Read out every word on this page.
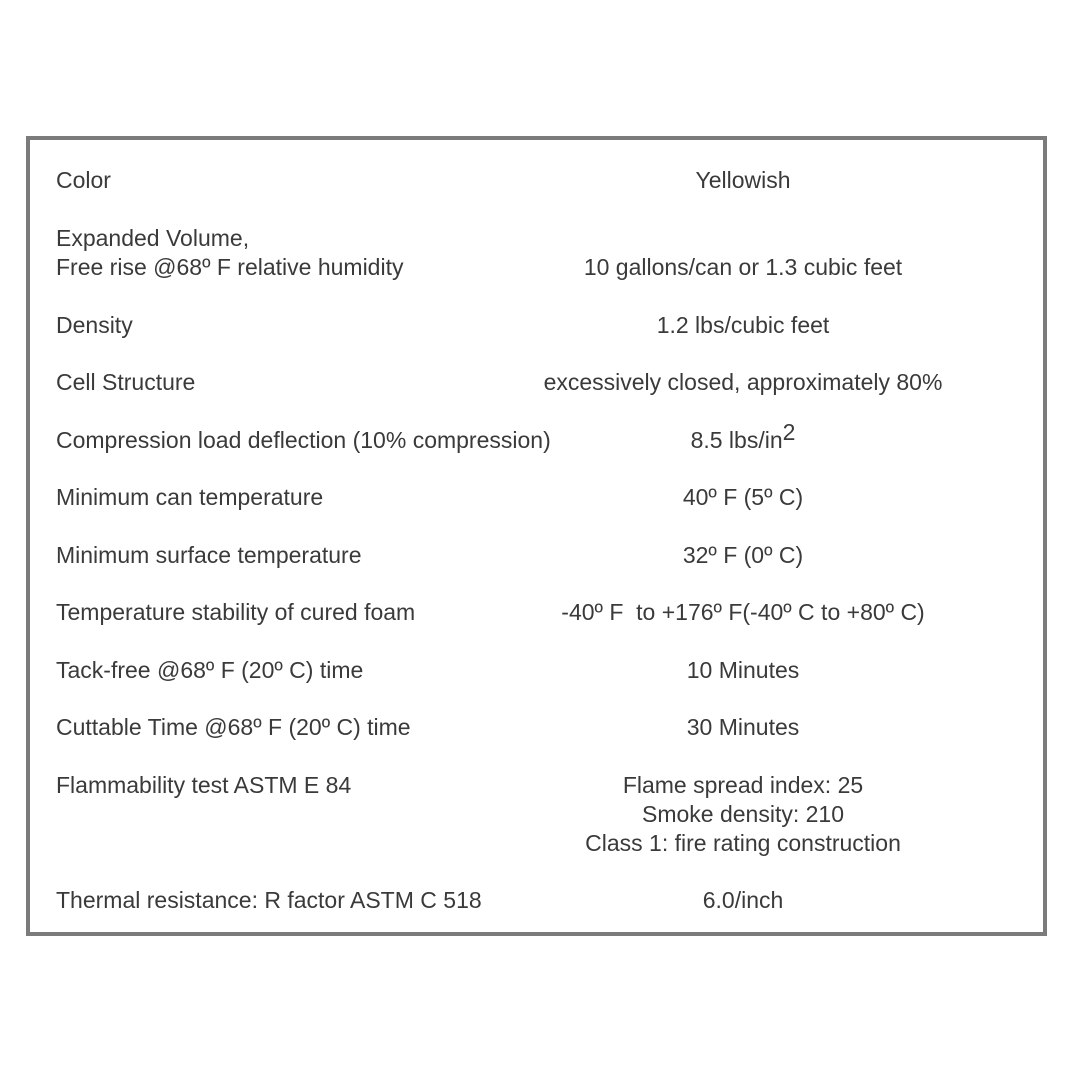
Color	Yellowish
Expanded Volume,
Free rise @68º F relative humidity	10 gallons/can or 1.3 cubic feet
Density	1.2 lbs/cubic feet
Cell Structure	excessively closed, approximately 80%
Compression load deflection (10% compression)	8.5 lbs/$in^2$
Minimum can temperature	40º F (5º C)
Minimum surface temperature	32º F (0º C)
Temperature stability of cured foam	-40º F  to +176º F(-40º C to +80º C)
Tack-free @68º F (20º C) time	10 Minutes
Cuttable Time @68º F (20º C) time	30 Minutes
Flammability test ASTM E 84	Flame spread index: 25
Smoke density: 210
Class 1: fire rating construction
Thermal resistance: R factor ASTM C 518	6.0/inch
